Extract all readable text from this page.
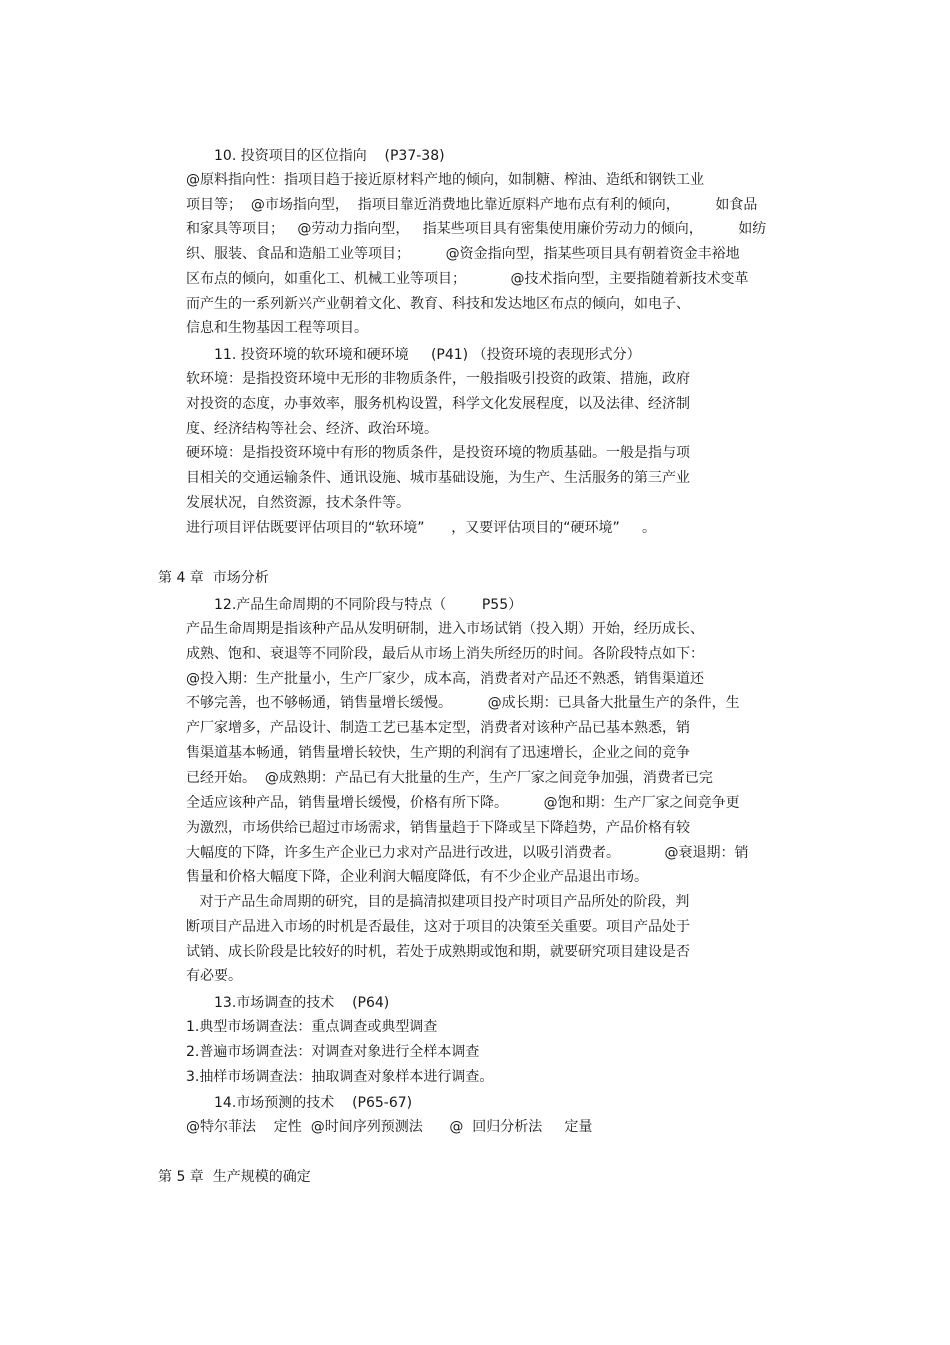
10. 投资项目的区位指向    (P37-38)
@原料指向性：指项目趋于接近原材料产地的倾向，如制糖、榨油、造纸和钢铁工业
项目等；  @市场指向型，  指项目靠近消费地比靠近原料产地布点有利的倾向，        如食品
和家具等项目；   @劳动力指向型，   指某些项目具有密集使用廉价劳动力的倾向，        如纺
织、服装、食品和造船工业等项目；        @资金指向型，指某些项目具有朝着资金丰裕地
区布点的倾向，如重化工、机械工业等项目；          @技术指向型，主要指随着新技术变革
而产生的一系列新兴产业朝着文化、教育、科技和发达地区布点的倾向，如电子、
信息和生物基因工程等项目。
11. 投资环境的软环境和硬环境     (P41) （投资环境的表现形式分）
软环境：是指投资环境中无形的非物质条件，一般指吸引投资的政策、措施，政府
对投资的态度，办事效率，服务机构设置，科学文化发展程度，以及法律、经济制
度、经济结构等社会、经济、政治环境。
硬环境：是指投资环境中有形的物质条件，是投资环境的物质基础。一般是指与项
目相关的交通运输条件、通讯设施、城市基础设施，为生产、生活服务的第三产业
发展状况，自然资源，技术条件等。
进行项目评估既要评估项目的“软环境”      ，又要评估项目的“硬环境”     。
第 4 章  市场分析
12.产品生命周期的不同阶段与特点（        P55）
产品生命周期是指该种产品从发明研制，进入市场试销（投入期）开始，经历成长、
成熟、饱和、衰退等不同阶段，最后从市场上消失所经历的时间。各阶段特点如下：
@投入期：生产批量小，生产厂家少，成本高，消费者对产品还不熟悉，销售渠道还
不够完善，也不够畅通，销售量增长缓慢。        @成长期：已具备大批量生产的条件，生
产厂家增多，产品设计、制造工艺已基本定型，消费者对该种产品已基本熟悉，销
售渠道基本畅通，销售量增长较快，生产期的利润有了迅速增长，企业之间的竞争
已经开始。  @成熟期：产品已有大批量的生产，生产厂家之间竞争加强，消费者已完
全适应该种产品，销售量增长缓慢，价格有所下降。        @饱和期：生产厂家之间竞争更
为激烈，市场供给已超过市场需求，销售量趋于下降或呈下降趋势，产品价格有较
大幅度的下降，许多生产企业已力求对产品进行改进，以吸引消费者。          @衰退期：销
售量和价格大幅度下降，企业利润大幅度降低，有不少企业产品退出市场。
对于产品生命周期的研究，目的是搞清拟建项目投产时项目产品所处的阶段，判
断项目产品进入市场的时机是否最佳，这对于项目的决策至关重要。项目产品处于
试销、成长阶段是比较好的时机，若处于成熟期或饱和期，就要研究项目建设是否
有必要。
13.市场调查的技术    (P64)
1.典型市场调查法：重点调查或典型调查
2.普遍市场调查法：对调查对象进行全样本调查
3.抽样市场调查法：抽取调查对象样本进行调查。
14.市场预测的技术    (P65-67)
@特尔菲法    定性  @时间序列预测法      @  回归分析法     定量
第 5 章  生产规模的确定
